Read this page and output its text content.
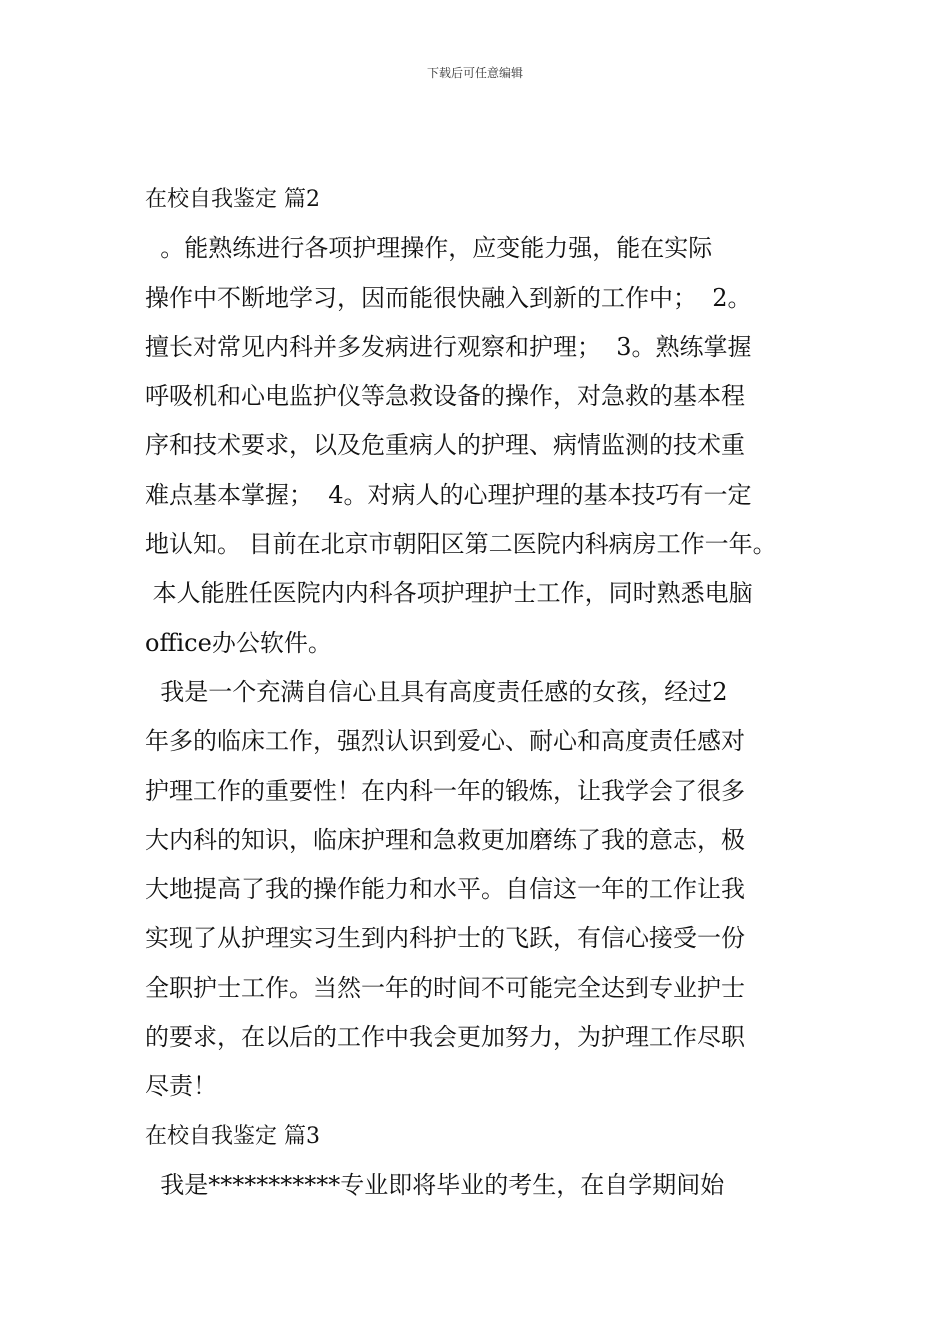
下载后可任意编辑
在校自我鉴定 篇2
。能熟练进行各项护理操作，应变能力强，能在实际
操作中不断地学习，因而能很快融入到新的工作中；  2。
擅长对常见内科并多发病进行观察和护理；  3。熟练掌握
呼吸机和心电监护仪等急救设备的操作，对急救的基本程
序和技术要求，以及危重病人的护理、病情监测的技术重
难点基本掌握；  4。对病人的心理护理的基本技巧有一定
地认知。 目前在北京市朝阳区第二医院内科病房工作一年。
本人能胜任医院内内科各项护理护士工作，同时熟悉电脑
office办公软件。
我是一个充满自信心且具有高度责任感的女孩，经过2
年多的临床工作，强烈认识到爱心、耐心和高度责任感对
护理工作的重要性！在内科一年的锻炼，让我学会了很多
大内科的知识，临床护理和急救更加磨练了我的意志，极
大地提高了我的操作能力和水平。自信这一年的工作让我
实现了从护理实习生到内科护士的飞跃，有信心接受一份
全职护士工作。当然一年的时间不可能完全达到专业护士
的要求，在以后的工作中我会更加努力，为护理工作尽职
尽责！
在校自我鉴定 篇3
我是***********专业即将毕业的考生，在自学期间始
